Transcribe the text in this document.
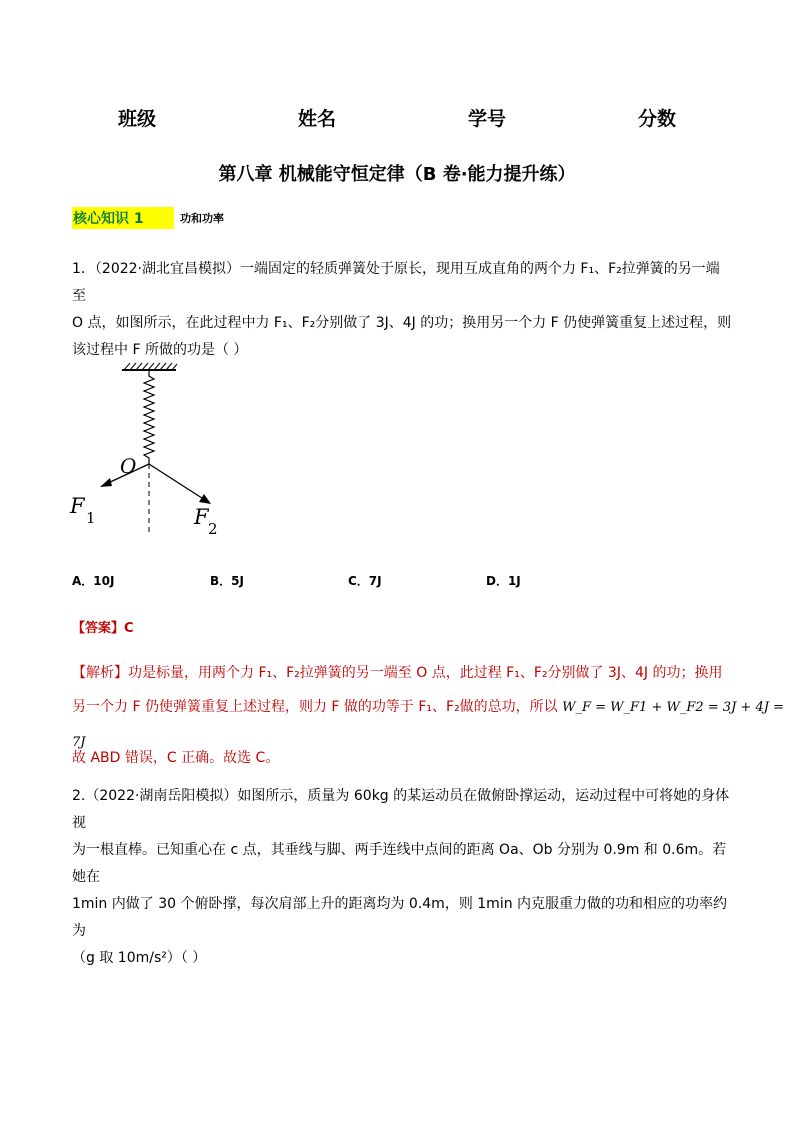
班级	姓名	学号	分数
第八章 机械能守恒定律（B 卷·能力提升练）
核心知识 1	功和功率
1．（2022·湖北宜昌模拟）一端固定的轻质弹簧处于原长，现用互成直角的两个力 F₁、F₂拉弹簧的另一端至
O 点，如图所示，在此过程中力 F₁、F₂分别做了 3J、4J 的功；换用另一个力 F 仍使弹簧重复上述过程，则
该过程中 F 所做的功是（ ）
O
F 1	F 2
A．10J	B．5J	C．7J	D．1J
【答案】C
【解析】功是标量，用两个力 F₁、F₂拉弹簧的另一端至 O 点，此过程 F₁、F₂分别做了 3J、4J 的功；换用
另一个力 F 仍使弹簧重复上述过程，则力 F 做的功等于 F₁、F₂做的总功，所以 W_F = W_F1 + W_F2 = 3J + 4J = 7J
故 ABD 错误，C 正确。故选 C。
2.（2022·湖南岳阳模拟）如图所示，质量为 60kg 的某运动员在做俯卧撑运动，运动过程中可将她的身体视
为一根直棒。已知重心在 c 点，其垂线与脚、两手连线中点间的距离 Oa、Ob 分别为 0.9m 和 0.6m。若她在
1min 内做了 30 个俯卧撑，每次肩部上升的距离均为 0.4m，则 1min 内克服重力做的功和相应的功率约为
（g 取 10m/s²）（ ）
